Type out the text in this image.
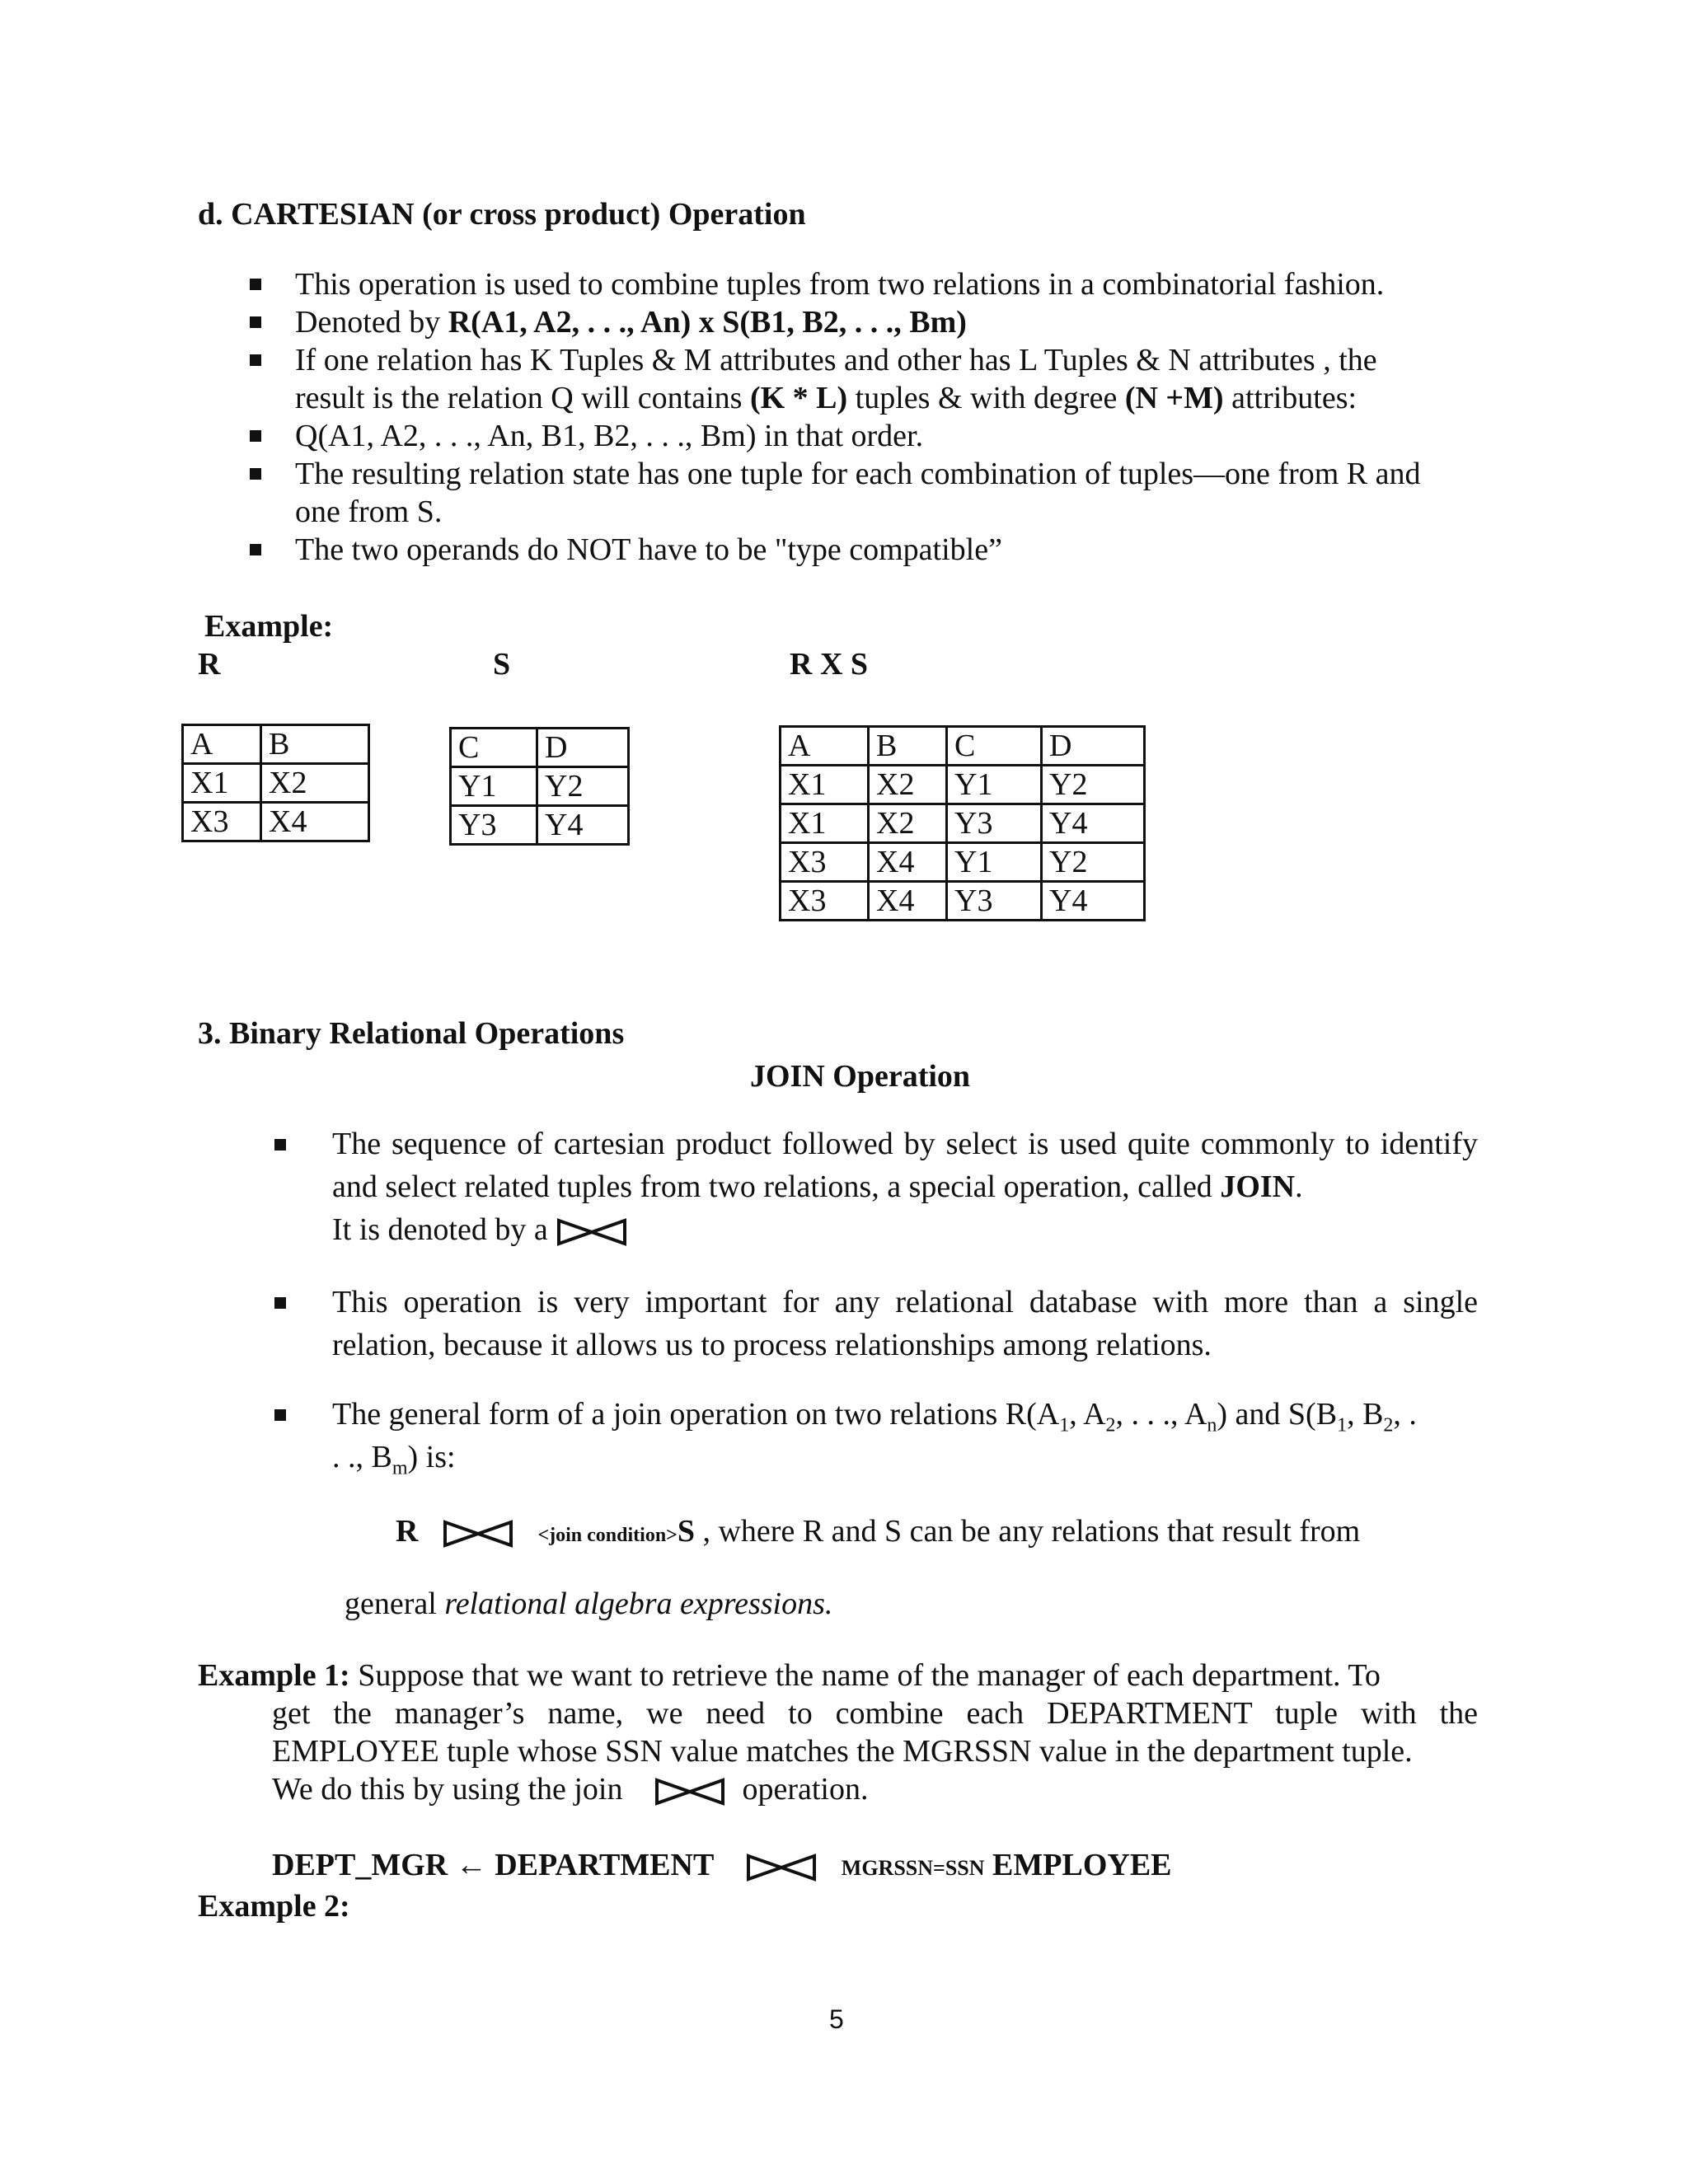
d. CARTESIAN (or cross product) Operation
This operation is used to combine tuples from two relations in a combinatorial fashion.
Denoted by R(A1, A2, . . ., An) x S(B1, B2, . . ., Bm)
If one relation has K Tuples & M attributes and other has L Tuples & N attributes , the
result is the relation Q will contains (K * L) tuples & with degree (N +M) attributes:
Q(A1, A2, . . ., An, B1, B2, . . ., Bm) in that order.
The resulting relation state has one tuple for each combination of tuples—one from R and
one from S.
The two operands do NOT have to be "type compatible”
Example:
R	S	R X S
A	B
X1	X2
X3	X4
C	D
Y1	Y2
Y3	Y4
A	B	C	D
X1	X2	Y1	Y2
X1	X2	Y3	Y4
X3	X4	Y1	Y2
X3	X4	Y3	Y4
3. Binary Relational Operations
JOIN Operation
The sequence of cartesian product followed by select is used quite commonly to identify and select related tuples from two relations, a special operation, called JOIN.
It is denoted by a
This operation is very important for any relational database with more than a single relation, because it allows us to process relationships among relations.
The general form of a join operation on two relations $R(A_1$, $A_2$, . . ., $A_n$) and $S(B_1$, $B_2$, .
. ., $B_m$) is:
R	<join condition>S , where R and S can be any relations that result from
general relational algebra expressions.
Example 1: Suppose that we want to retrieve the name of the manager of each department. To
get the manager’s name, we need to combine each DEPARTMENT tuple with the
EMPLOYEE tuple whose SSN value matches the MGRSSN value in the department tuple.
We do this by using the join	operation.
DEPT_MGR ← DEPARTMENT	MGRSSN=SSN EMPLOYEE
Example 2:
5
